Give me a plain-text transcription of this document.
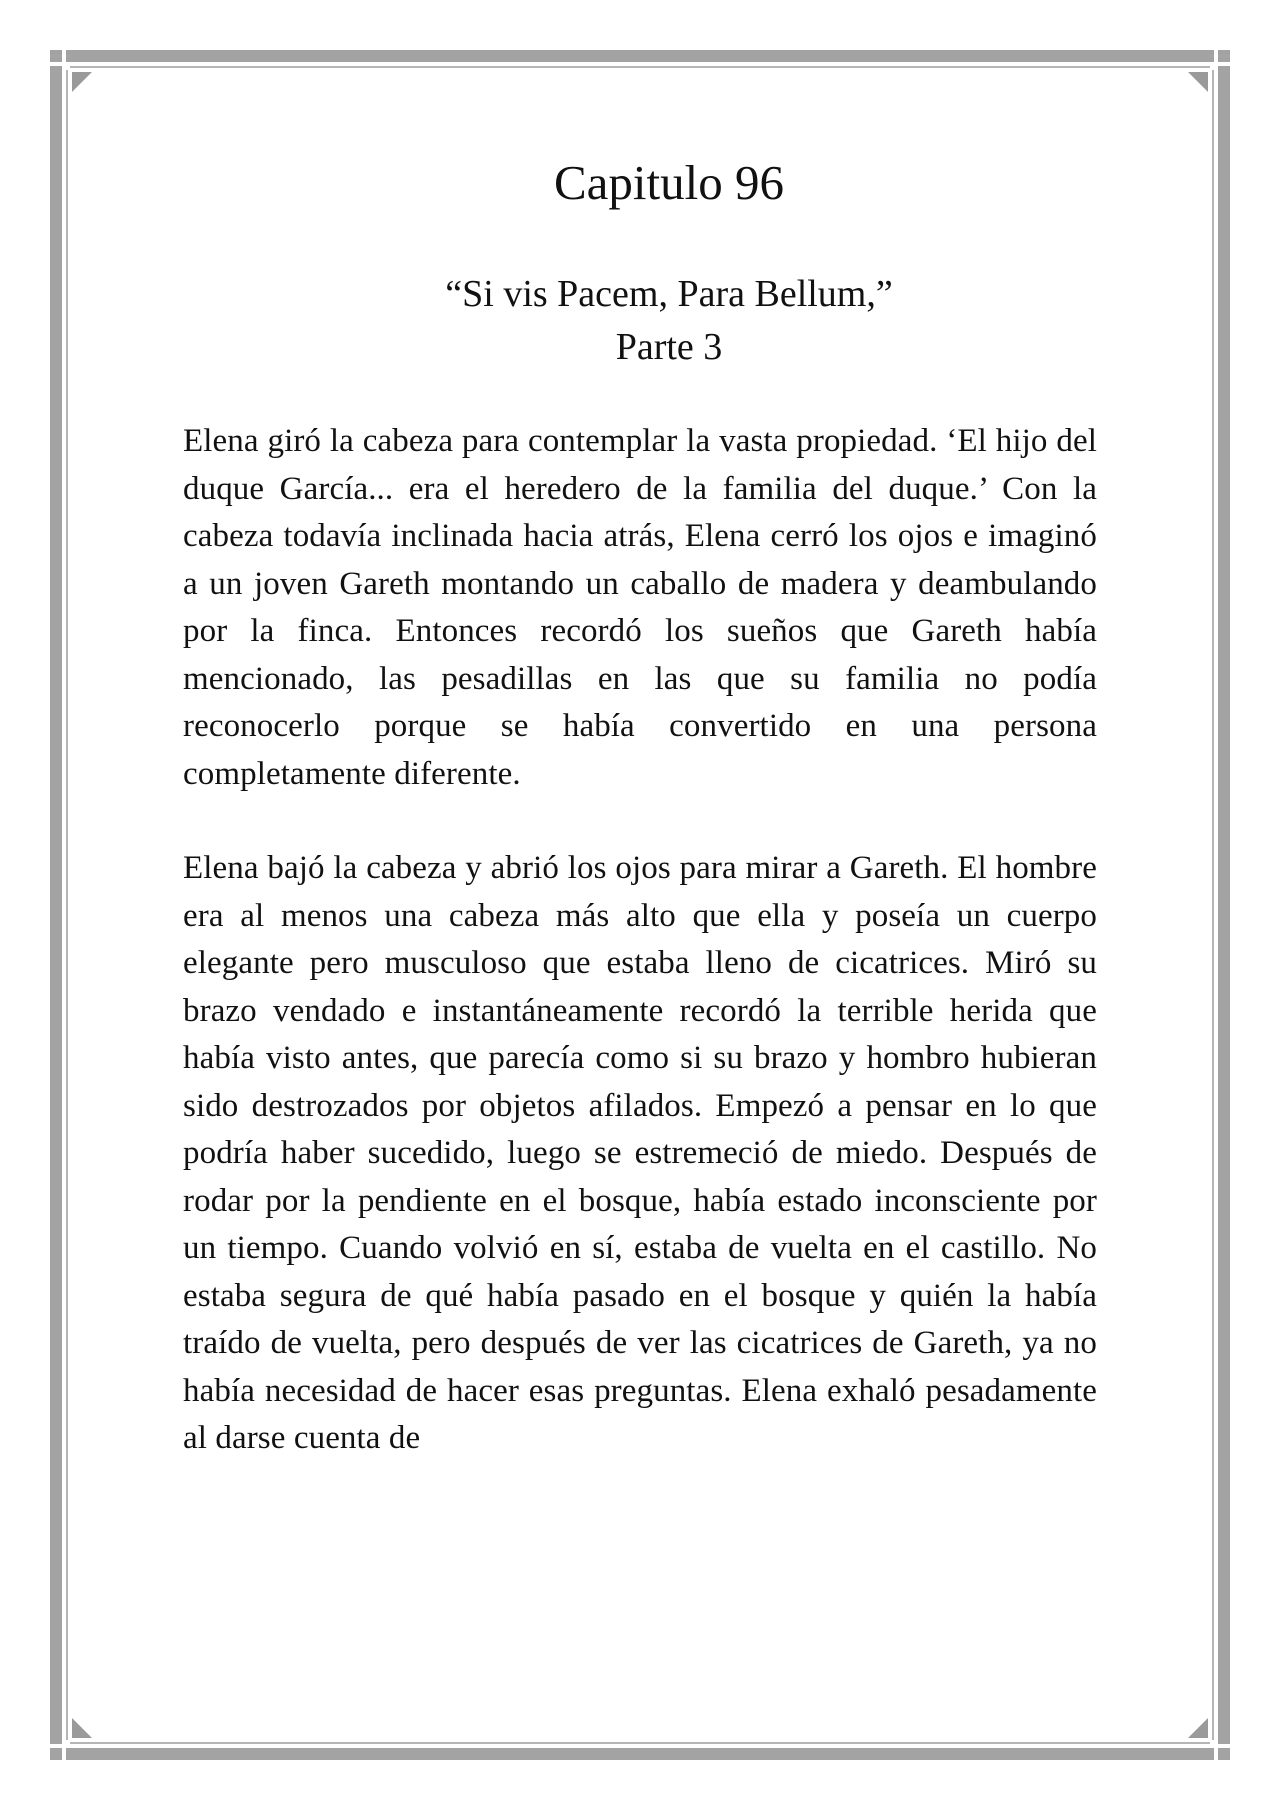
Capitulo 96
“Si vis Pacem, Para Bellum,”
Parte 3

Elena giró la cabeza para contemplar la vasta propiedad. ‘El hijo del duque García... era el heredero de la familia del duque.’ Con la cabeza todavía inclinada hacia atrás, Elena cerró los ojos e imaginó a un joven Gareth montando un caballo de madera y deambulando por la finca. Entonces recordó los sueños que Gareth había mencionado, las pesadillas en las que su familia no podía reconocerlo porque se había convertido en una persona completamente diferente.

Elena bajó la cabeza y abrió los ojos para mirar a Gareth. El hombre era al menos una cabeza más alto que ella y poseía un cuerpo elegante pero musculoso que estaba lleno de cicatrices. Miró su brazo vendado e instantáneamente recordó la terrible herida que había visto antes, que parecía como si su brazo y hombro hubieran sido destrozados por objetos afilados. Empezó a pensar en lo que podría haber sucedido, luego se estremeció de miedo. Después de rodar por la pendiente en el bosque, había estado inconsciente por un tiempo. Cuando volvió en sí, estaba de vuelta en el castillo. No estaba segura de qué había pasado en el bosque y quién la había traído de vuelta, pero después de ver las cicatrices de Gareth, ya no había necesidad de hacer esas preguntas. Elena exhaló pesadamente al darse cuenta de
